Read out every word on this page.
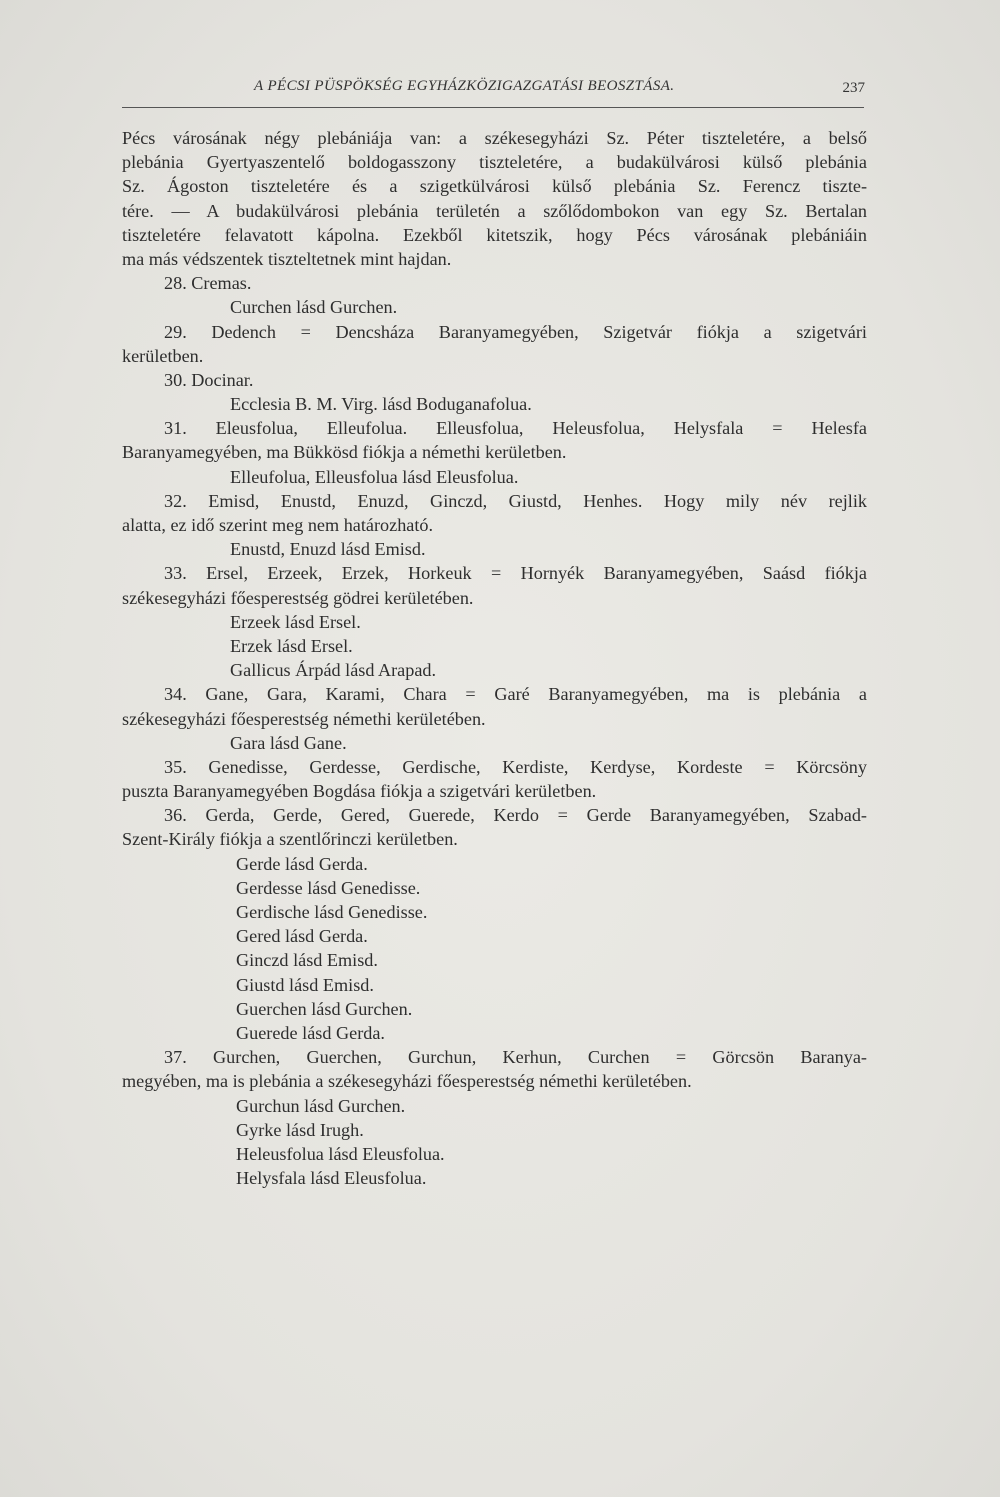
A PÉCSI PÜSPÖKSÉG EGYHÁZKÖZIGAZGATÁSI BEOSZTÁSA.	237
Pécs városának négy plebániája van: a székesegyházi Sz. Péter tiszteletére, a belső
plebánia Gyertyaszentelő boldogasszony tiszteletére, a budakülvárosi külső plebánia
Sz. Ágoston tiszteletére és a szigetkülvárosi külső plebánia Sz. Ferencz tiszte-
tére. — A budakülvárosi plebánia területén a szőlődombokon van egy Sz. Bertalan
tiszteletére felavatott kápolna. Ezekből kitetszik, hogy Pécs városának plebániáin
ma más védszentek tiszteltetnek mint hajdan.
28. Cremas.
Curchen lásd Gurchen.
29. Dedench = Dencsháza Baranyamegyében, Szigetvár fiókja a szigetvári
kerületben.
30. Docinar.
Ecclesia B. M. Virg. lásd Boduganafolua.
31. Eleusfolua, Elleufolua. Elleusfolua, Heleusfolua, Helysfala = Helesfa
Baranyamegyében, ma Bükkösd fiókja a némethi kerületben.
Elleufolua, Elleusfolua lásd Eleusfolua.
32. Emisd, Enustd, Enuzd, Ginczd, Giustd, Henhes. Hogy mily név rejlik
alatta, ez idő szerint meg nem határozható.
Enustd, Enuzd lásd Emisd.
33. Ersel, Erzeek, Erzek, Horkeuk = Hornyék Baranyamegyében, Saásd fiókja
székesegyházi főesperestség gödrei kerületében.
Erzeek lásd Ersel.
Erzek lásd Ersel.
Gallicus Árpád lásd Arapad.
34. Gane, Gara, Karami, Chara = Garé Baranyamegyében, ma is plebánia a
székesegyházi főesperestség némethi kerületében.
Gara lásd Gane.
35. Genedisse, Gerdesse, Gerdische, Kerdiste, Kerdyse, Kordeste = Körcsöny
puszta Baranyamegyében Bogdása fiókja a szigetvári kerületben.
36. Gerda, Gerde, Gered, Guerede, Kerdo = Gerde Baranyamegyében, Szabad-
Szent-Király fiókja a szentlőrinczi kerületben.
Gerde lásd Gerda.
Gerdesse lásd Genedisse.
Gerdische lásd Genedisse.
Gered lásd Gerda.
Ginczd lásd Emisd.
Giustd lásd Emisd.
Guerchen lásd Gurchen.
Guerede lásd Gerda.
37. Gurchen, Guerchen, Gurchun, Kerhun, Curchen = Görcsön Baranya-
megyében, ma is plebánia a székesegyházi főesperestség némethi kerületében.
Gurchun lásd Gurchen.
Gyrke lásd Irugh.
Heleusfolua lásd Eleusfolua.
Helysfala lásd Eleusfolua.
